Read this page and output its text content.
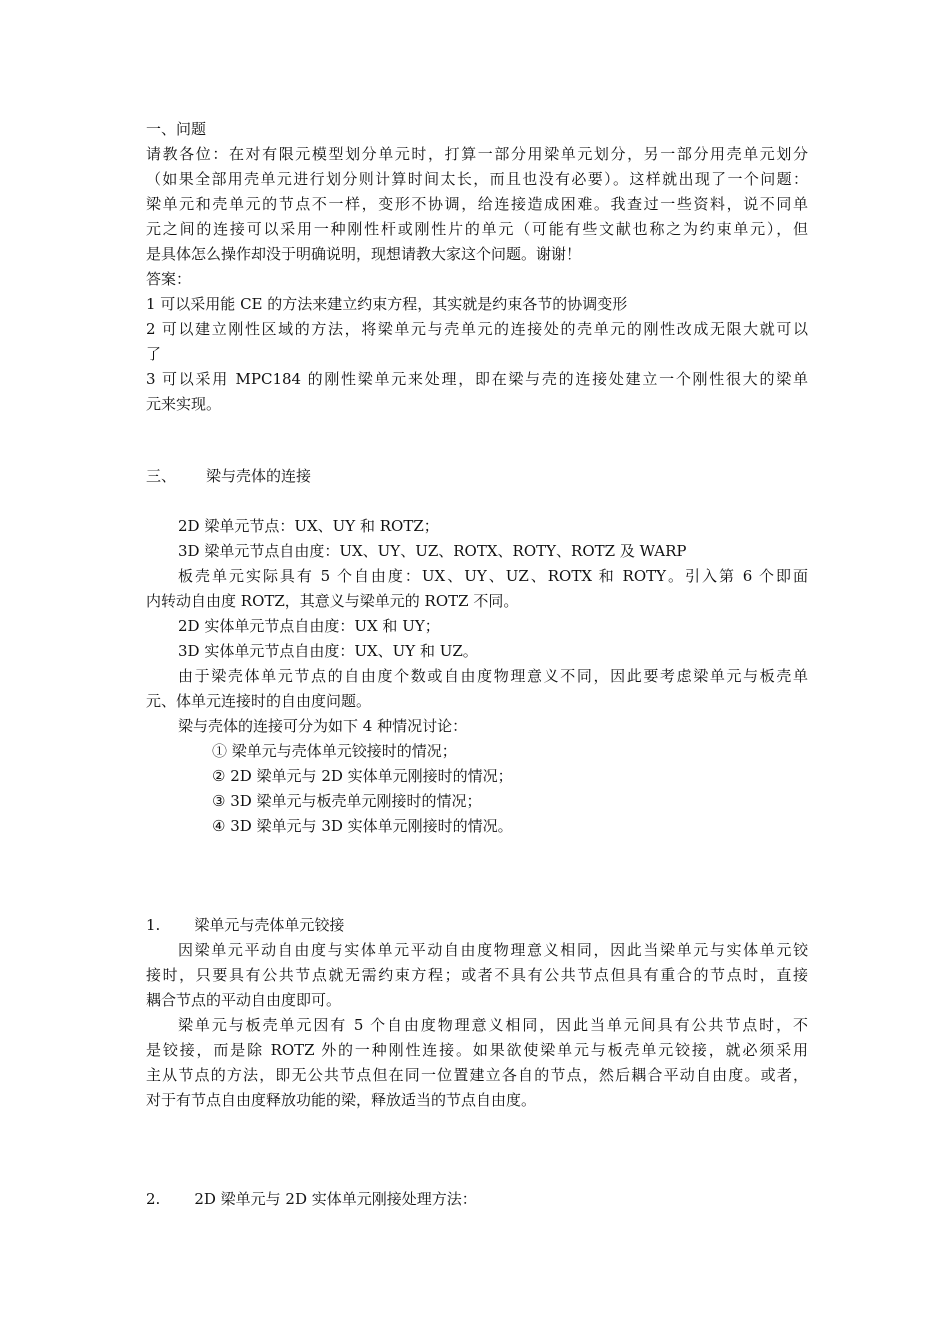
一、问题
请教各位：在对有限元模型划分单元时，打算一部分用梁单元划分，另一部分用壳单元划分
（如果全部用壳单元进行划分则计算时间太长，而且也没有必要）。这样就出现了一个问题：
梁单元和壳单元的节点不一样，变形不协调，给连接造成困难。我查过一些资料，说不同单
元之间的连接可以采用一种刚性杆或刚性片的单元（可能有些文献也称之为约束单元），但
是具体怎么操作却没于明确说明，现想请教大家这个问题。谢谢！
答案：
1 可以采用能 CE 的方法来建立约束方程，其实就是约束各节的协调变形
2 可以建立刚性区域的方法，将梁单元与壳单元的连接处的壳单元的刚性改成无限大就可以
了
3 可以采用 MPC184 的刚性梁单元来处理，即在梁与壳的连接处建立一个刚性很大的梁单
元来实现。
三、 梁与壳体的连接
2D 梁单元节点：UX、UY 和 ROTZ；
3D 梁单元节点自由度：UX、UY、UZ、ROTX、ROTY、ROTZ 及 WARP
板壳单元实际具有 5 个自由度：UX、UY、UZ、ROTX 和 ROTY。引入第 6 个即面
内转动自由度 ROTZ，其意义与梁单元的 ROTZ 不同。
2D 实体单元节点自由度：UX 和 UY；
3D 实体单元节点自由度：UX、UY 和 UZ。
由于梁壳体单元节点的自由度个数或自由度物理意义不同，因此要考虑梁单元与板壳单
元、体单元连接时的自由度问题。
梁与壳体的连接可分为如下 4 种情况讨论：
① 梁单元与壳体单元铰接时的情况；
② 2D 梁单元与 2D 实体单元刚接时的情况；
③ 3D 梁单元与板壳单元刚接时的情况；
④ 3D 梁单元与 3D 实体单元刚接时的情况。
1. 梁单元与壳体单元铰接
因梁单元平动自由度与实体单元平动自由度物理意义相同，因此当梁单元与实体单元铰
接时，只要具有公共节点就无需约束方程；或者不具有公共节点但具有重合的节点时，直接
耦合节点的平动自由度即可。
梁单元与板壳单元因有 5 个自由度物理意义相同，因此当单元间具有公共节点时，不
是铰接，而是除 ROTZ 外的一种刚性连接。如果欲使梁单元与板壳单元铰接，就必须采用
主从节点的方法，即无公共节点但在同一位置建立各自的节点，然后耦合平动自由度。或者，
对于有节点自由度释放功能的梁，释放适当的节点自由度。
2. 2D 梁单元与 2D 实体单元刚接处理方法：
